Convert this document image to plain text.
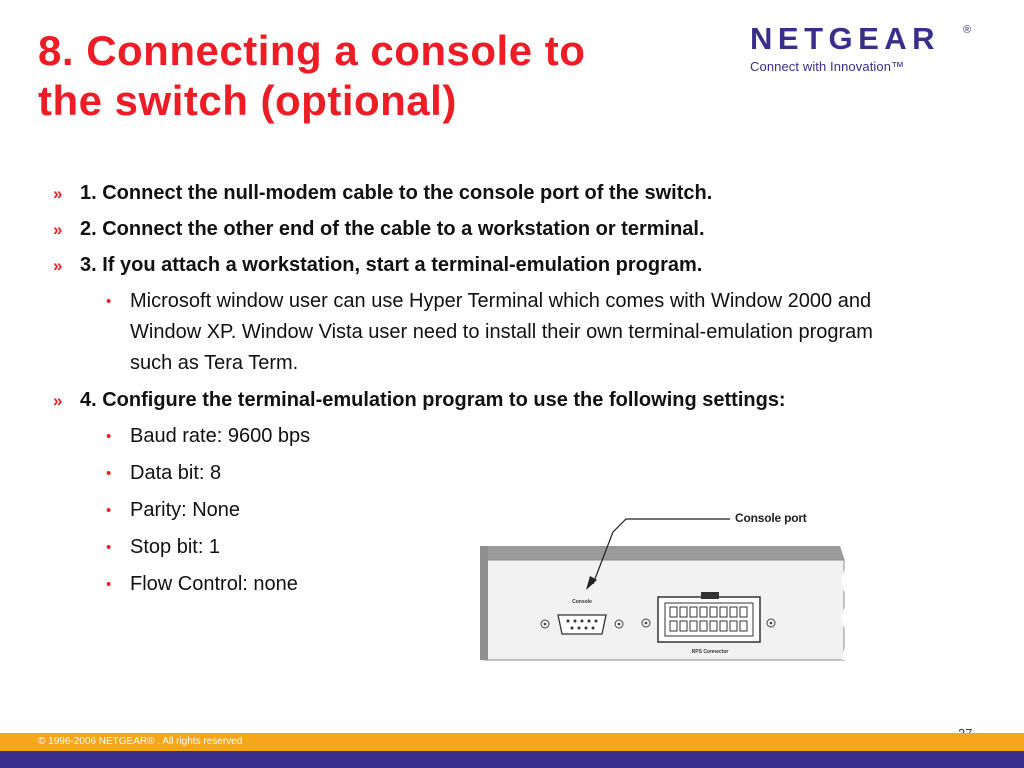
8. Connecting a console to
the switch (optional)
NETGEAR	®
Connect with Innovation™
» 1. Connect the null-modem cable to the console port of the switch.
» 2. Connect the other end of the cable to a workstation or terminal.
» 3. If you attach a workstation, start a terminal-emulation program.
• Microsoft window user can use Hyper Terminal which comes with Window 2000 and Window XP. Window Vista user need to install their own terminal-emulation program such as Tera Term.
» 4. Configure the terminal-emulation program to use the following settings:
• Baud rate: 9600 bps
• Data bit: 8
• Parity: None
• Stop bit: 1
• Flow Control: none
Console
RPS Connector
Console port
© 1996-2006 NETGEAR® . All rights reserved
